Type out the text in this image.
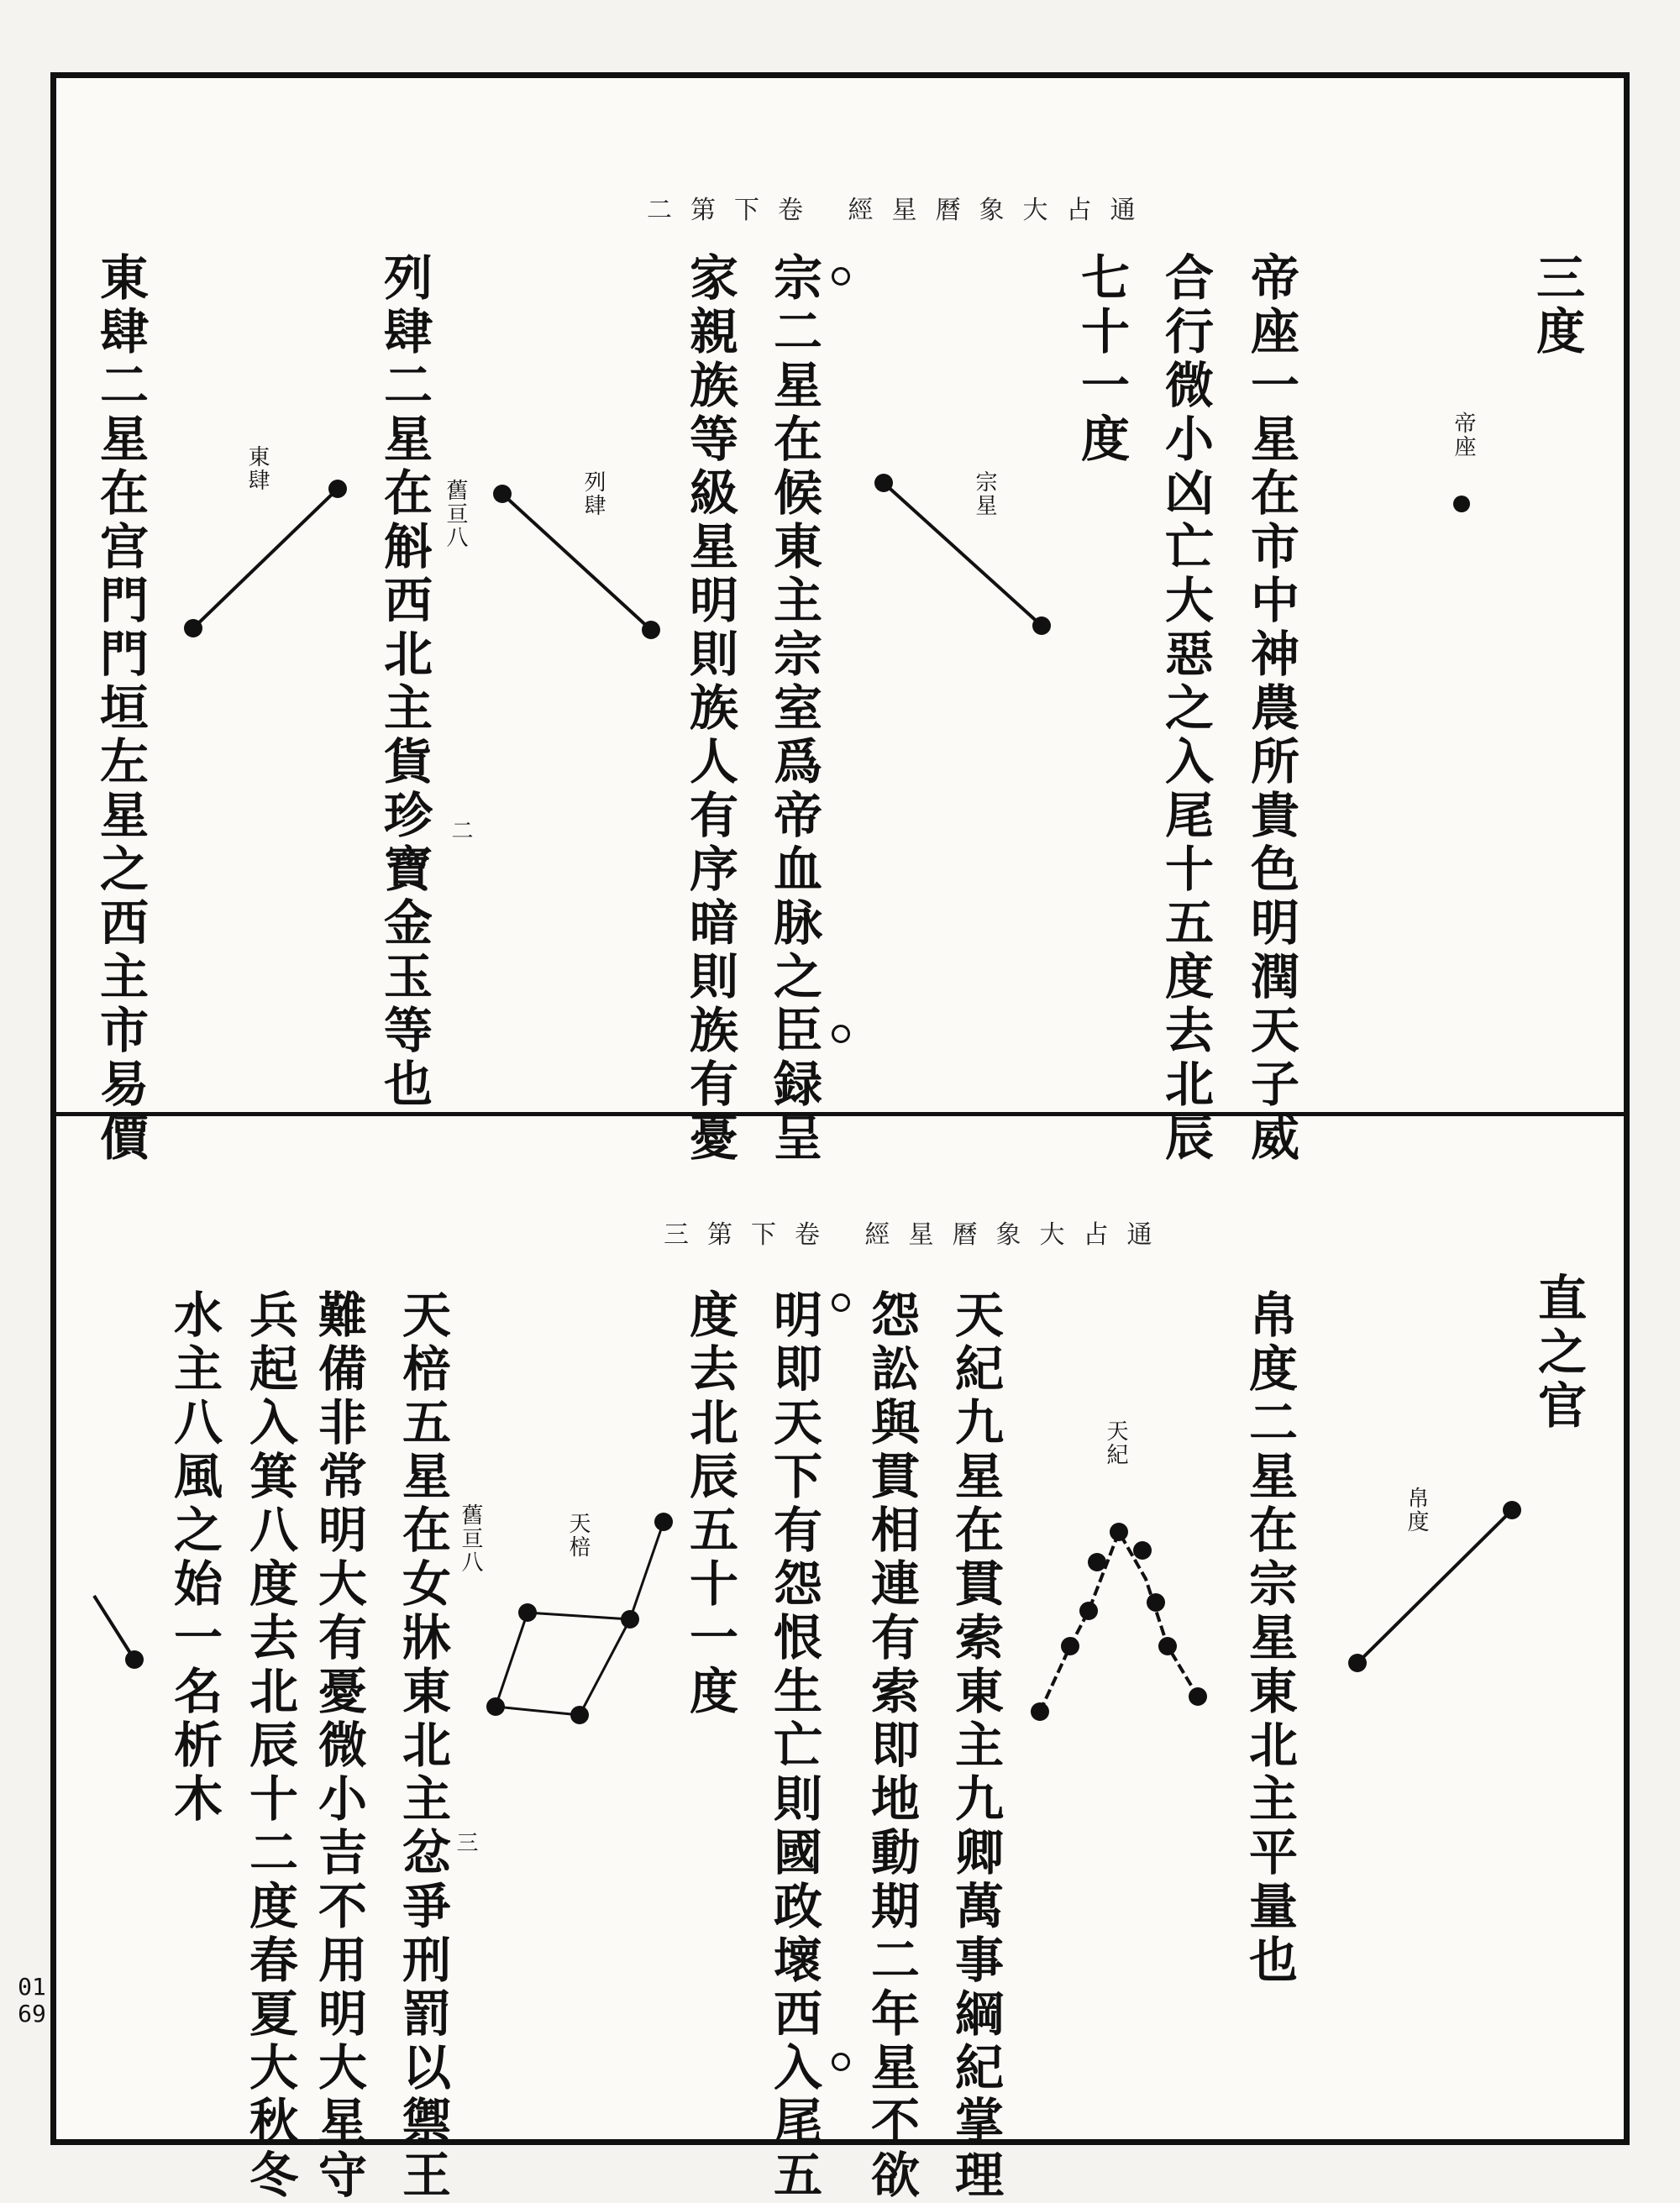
0169
通占大象曆星經 卷下第二
三度
帝座一星在市中神農所貴色明潤天子威
合行微小凶亡大惡之入尾十五度去北辰
七十一度
宗二星在候東主宗室爲帝血脉之臣録呈
家親族等級星明則族人有序暗則族有憂
列肆二星在斛西北主貨珍寶金玉等也
東肆二星在宫門門垣左星之西主市易價	舊亘八
二
帝座
宗星
列肆
東肆
通占大象曆星經 卷下第三
直之官
帛度二星在宗星東北主平量也
天紀九星在貫索東主九卿萬事綱紀掌理
怨訟與貫相連有索即地動期二年星不欲
明即天下有怨恨生亡則國政壞西入尾五
度去北辰五十一度
天棓五星在女牀東北主忿爭刑罰以禦王
難備非常明大有憂微小吉不用明大星守
兵起入箕八度去北辰十二度春夏大秋冬
水主八風之始一名析木	舊亘八
三
帛度
天紀
天棓
